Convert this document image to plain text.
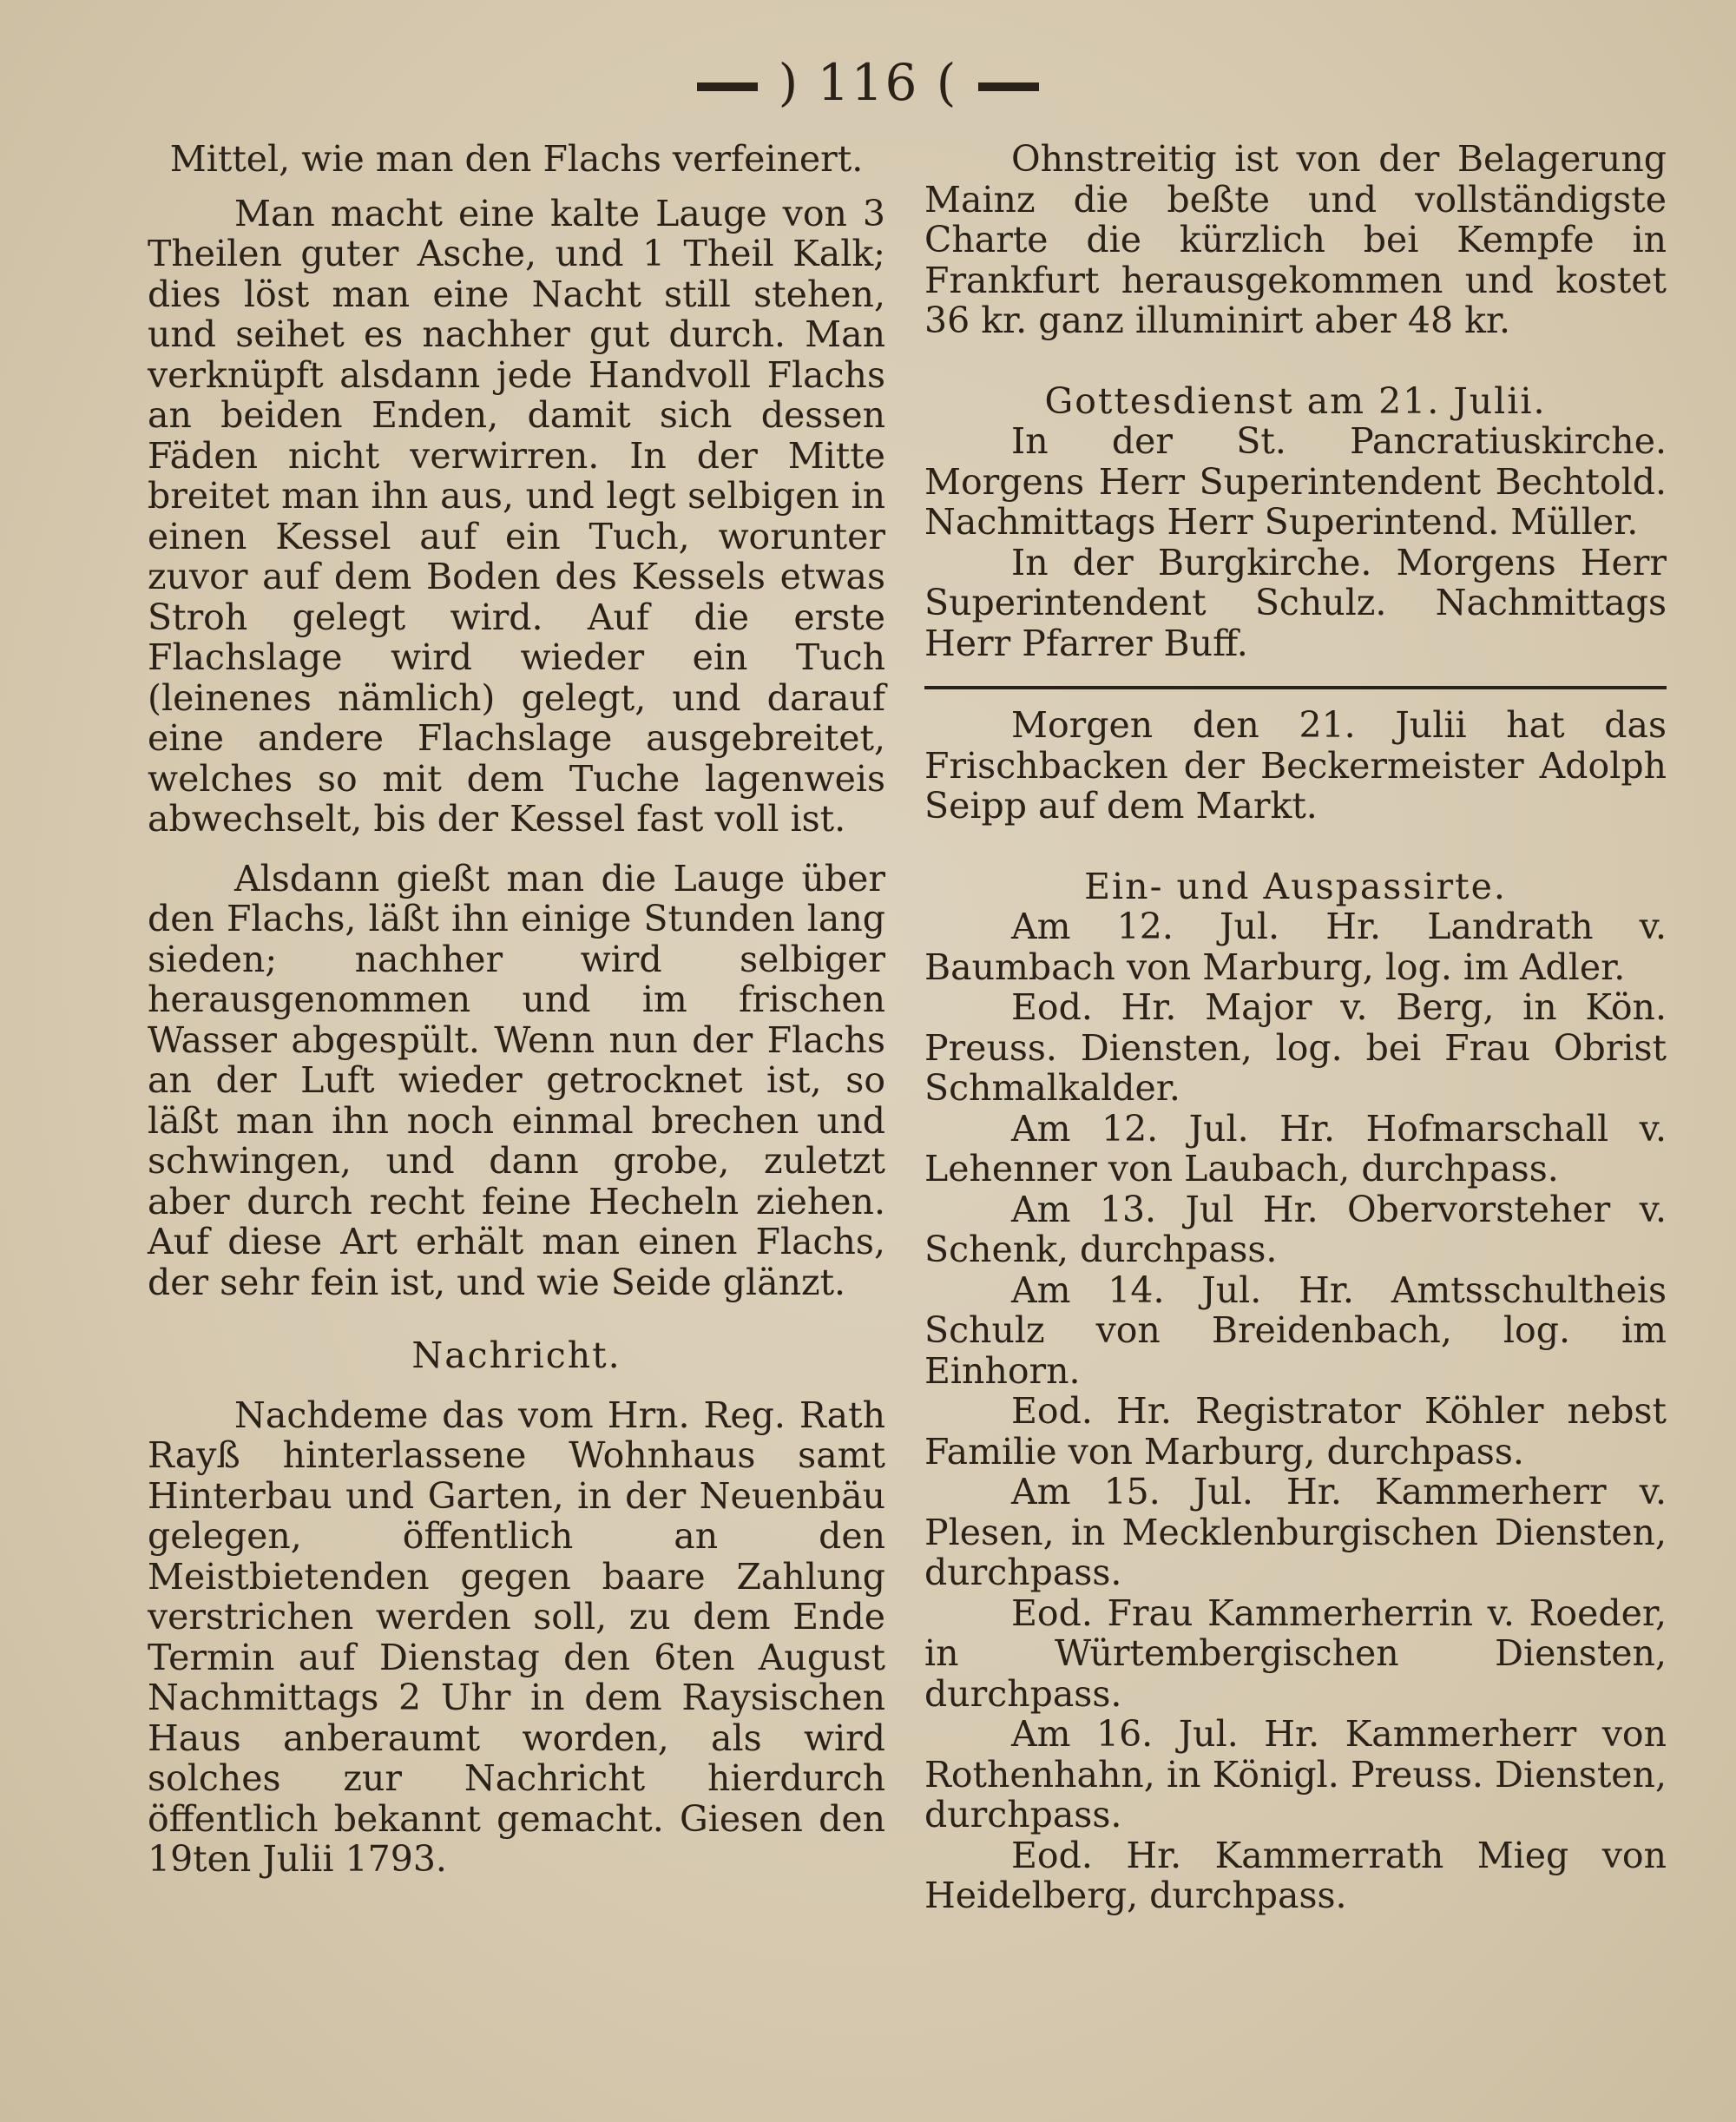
) 116 (

Mittel, wie man den Flachs verfeinert.

Man macht eine kalte Lauge von 3 Theilen guter Asche, und 1 Theil Kalk; dies löst man eine Nacht still stehen, und seihet es nachher gut durch. Man verknüpft alsdann jede Handvoll Flachs an beiden Enden, damit sich dessen Fäden nicht verwirren. In der Mitte breitet man ihn aus, und legt selbigen in einen Kessel auf ein Tuch, worunter zuvor auf dem Boden des Kessels etwas Stroh gelegt wird. Auf die erste Flachslage wird wieder ein Tuch (leinenes nämlich) gelegt, und darauf eine andere Flachslage ausgebreitet, welches so mit dem Tuche lagenweis abwechselt, bis der Kessel fast voll ist.

Alsdann gießt man die Lauge über den Flachs, läßt ihn einige Stunden lang sieden; nachher wird selbiger herausgenommen und im frischen Wasser abgespült. Wenn nun der Flachs an der Luft wieder getrocknet ist, so läßt man ihn noch einmal brechen und schwingen, und dann grobe, zuletzt aber durch recht feine Hecheln ziehen. Auf diese Art erhält man einen Flachs, der sehr fein ist, und wie Seide glänzt.

Nachricht.

Nachdeme das vom Hrn. Reg. Rath Rayß hinterlassene Wohnhaus samt Hinterbau und Garten, in der Neuenbäu gelegen, öffentlich an den Meistbietenden gegen baare Zahlung verstrichen werden soll, zu dem Ende Termin auf Dienstag den 6ten August Nachmittags 2 Uhr in dem Raysischen Haus anberaumt worden, als wird solches zur Nachricht hierdurch öffentlich bekannt gemacht. Giesen den 19ten Julii 1793.

Ohnstreitig ist von der Belagerung Mainz die beßte und vollständigste Charte die kürzlich bei Kempfe in Frankfurt herausgekommen und kostet 36 kr. ganz illuminirt aber 48 kr.

Gottesdienst am 21. Julii.

In der St. Pancratiuskirche. Morgens Herr Superintendent Bechtold. Nachmittags Herr Superintend. Müller.

In der Burgkirche. Morgens Herr Superintendent Schulz. Nachmittags Herr Pfarrer Buff.

Morgen den 21. Julii hat das Frischbacken der Beckermeister Adolph Seipp auf dem Markt.

Ein- und Auspassirte.

Am 12. Jul. Hr. Landrath v. Baumbach von Marburg, log. im Adler.

Eod. Hr. Major v. Berg, in Kön. Preuss. Diensten, log. bei Frau Obrist Schmalkalder.

Am 12. Jul. Hr. Hofmarschall v. Lehenner von Laubach, durchpass.

Am 13. Jul Hr. Obervorsteher v. Schenk, durchpass.

Am 14. Jul. Hr. Amtsschultheis Schulz von Breidenbach, log. im Einhorn.

Eod. Hr. Registrator Köhler nebst Familie von Marburg, durchpass.

Am 15. Jul. Hr. Kammerherr v. Plesen, in Mecklenburgischen Diensten, durchpass.

Eod. Frau Kammerherrin v. Roeder, in Würtembergischen Diensten, durchpass.

Am 16. Jul. Hr. Kammerherr von Rothenhahn, in Königl. Preuss. Diensten, durchpass.

Eod. Hr. Kammerrath Mieg von Heidelberg, durchpass.
